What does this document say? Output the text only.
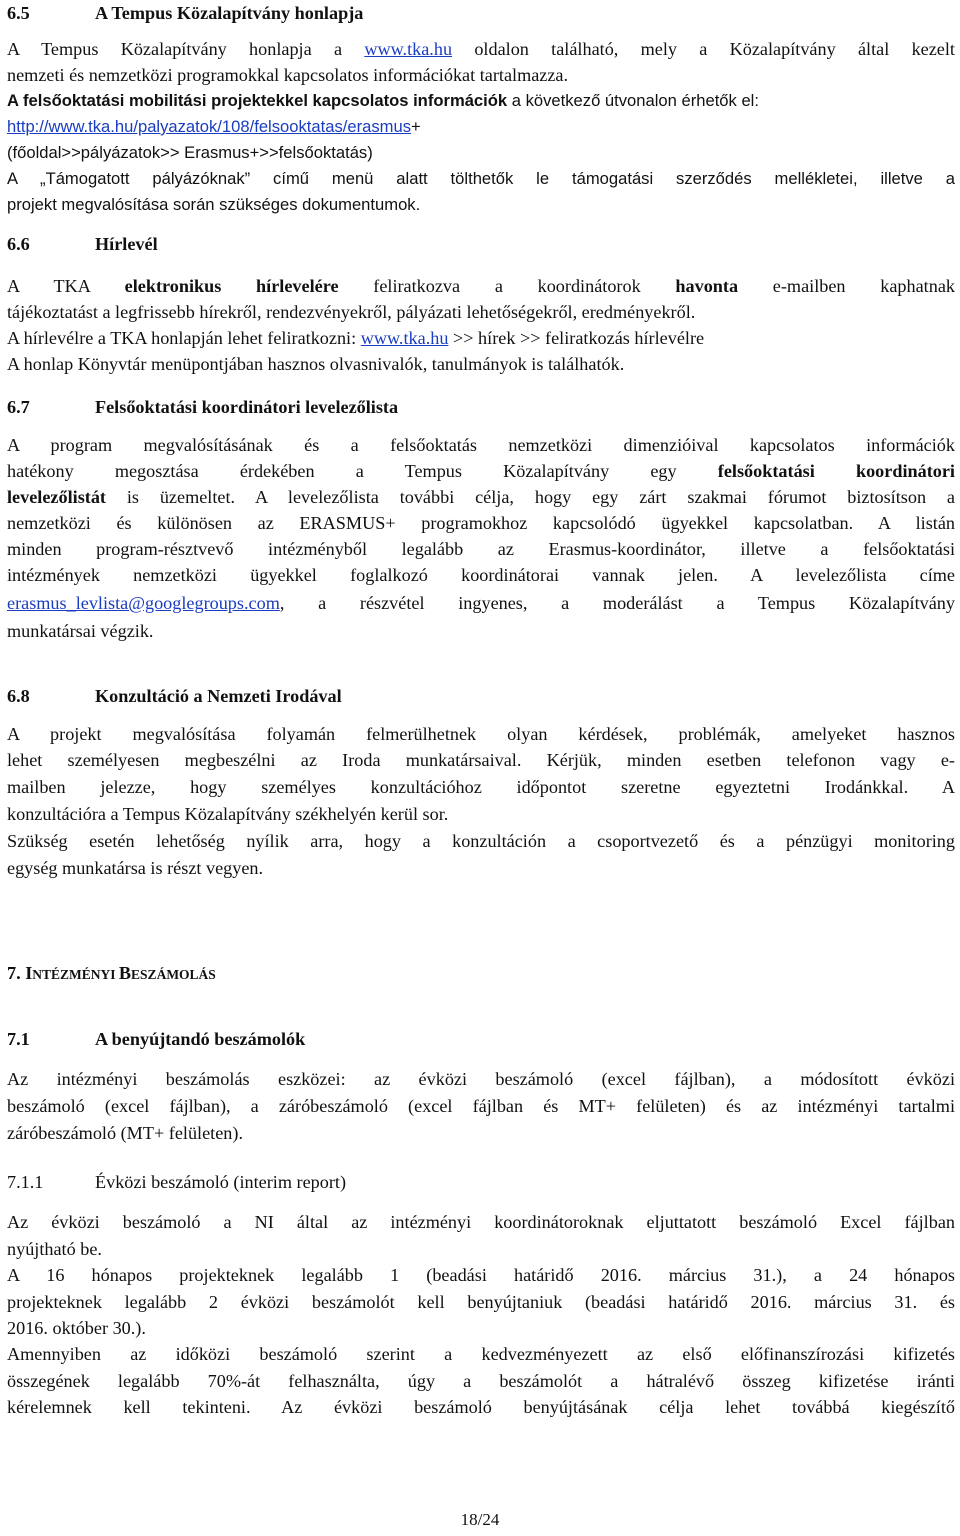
6.5	A Tempus Közalapítvány honlapja
A Tempus Közalapítvány honlapja a www.tka.hu oldalon található, mely a Közalapítvány által kezelt
nemzeti és nemzetközi programokkal kapcsolatos információkat tartalmazza.
A felsőoktatási mobilitási projektekkel kapcsolatos információk a következő útvonalon érhetők el:
http://www.tka.hu/palyazatok/108/felsooktatas/erasmus+
(főoldal>>pályázatok>> Erasmus+>>felsőoktatás)
A „Támogatott pályázóknak” című menü alatt tölthetők le támogatási szerződés mellékletei, illetve a
projekt megvalósítása során szükséges dokumentumok.
6.6	Hírlevél
A TKA elektronikus hírlevelére feliratkozva a koordinátorok havonta e-mailben kaphatnak
tájékoztatást a legfrissebb hírekről, rendezvényekről, pályázati lehetőségekről, eredményekről.
A hírlevélre a TKA honlapján lehet feliratkozni: www.tka.hu >> hírek >> feliratkozás hírlevélre
A honlap Könyvtár menüpontjában hasznos olvasnivalók, tanulmányok is találhatók.
6.7	Felsőoktatási koordinátori levelezőlista
A program megvalósításának és a felsőoktatás nemzetközi dimenzióival kapcsolatos információk
hatékony megosztása érdekében a Tempus Közalapítvány egy felsőoktatási koordinátori
levelezőlistát is üzemeltet. A levelezőlista további célja, hogy egy zárt szakmai fórumot biztosítson a
nemzetközi és különösen az ERASMUS+ programokhoz kapcsolódó ügyekkel kapcsolatban. A listán
minden program-résztvevő intézményből legalább az Erasmus-koordinátor, illetve a felsőoktatási
intézmények nemzetközi ügyekkel foglalkozó koordinátorai vannak jelen. A levelezőlista címe
erasmus_levlista@googlegroups.com, a részvétel ingyenes, a moderálást a Tempus Közalapítvány
munkatársai végzik.
6.8	Konzultáció a Nemzeti Irodával
A projekt megvalósítása folyamán felmerülhetnek olyan kérdések, problémák, amelyeket hasznos
lehet személyesen megbeszélni az Iroda munkatársaival. Kérjük, minden esetben telefonon vagy e-
mailben jelezze, hogy személyes konzultációhoz időpontot szeretne egyeztetni Irodánkkal. A
konzultációra a Tempus Közalapítvány székhelyén kerül sor.
Szükség esetén lehetőség nyílik arra, hogy a konzultáción a csoportvezető és a pénzügyi monitoring
egység munkatársa is részt vegyen.
7. INTÉZMÉNYI BESZÁMOLÁS
7.1	A benyújtandó beszámolók
Az intézményi beszámolás eszközei: az évközi beszámoló (excel fájlban), a módosított évközi
beszámoló (excel fájlban), a záróbeszámoló (excel fájlban és MT+ felületen) és az intézményi tartalmi
záróbeszámoló (MT+ felületen).
7.1.1	Évközi beszámoló (interim report)
Az évközi beszámoló a NI által az intézményi koordinátoroknak eljuttatott beszámoló Excel fájlban
nyújtható be.
A 16 hónapos projekteknek legalább 1 (beadási határidő 2016. március 31.), a 24 hónapos
projekteknek legalább 2 évközi beszámolót kell benyújtaniuk (beadási határidő 2016. március 31. és
2016. október 30.).
Amennyiben az időközi beszámoló szerint a kedvezményezett az első előfinanszírozási kifizetés
összegének legalább 70%-át felhasználta, úgy a beszámolót a hátralévő összeg kifizetése iránti
kérelemnek kell tekinteni. Az évközi beszámoló benyújtásának célja lehet továbbá kiegészítő
18/24
